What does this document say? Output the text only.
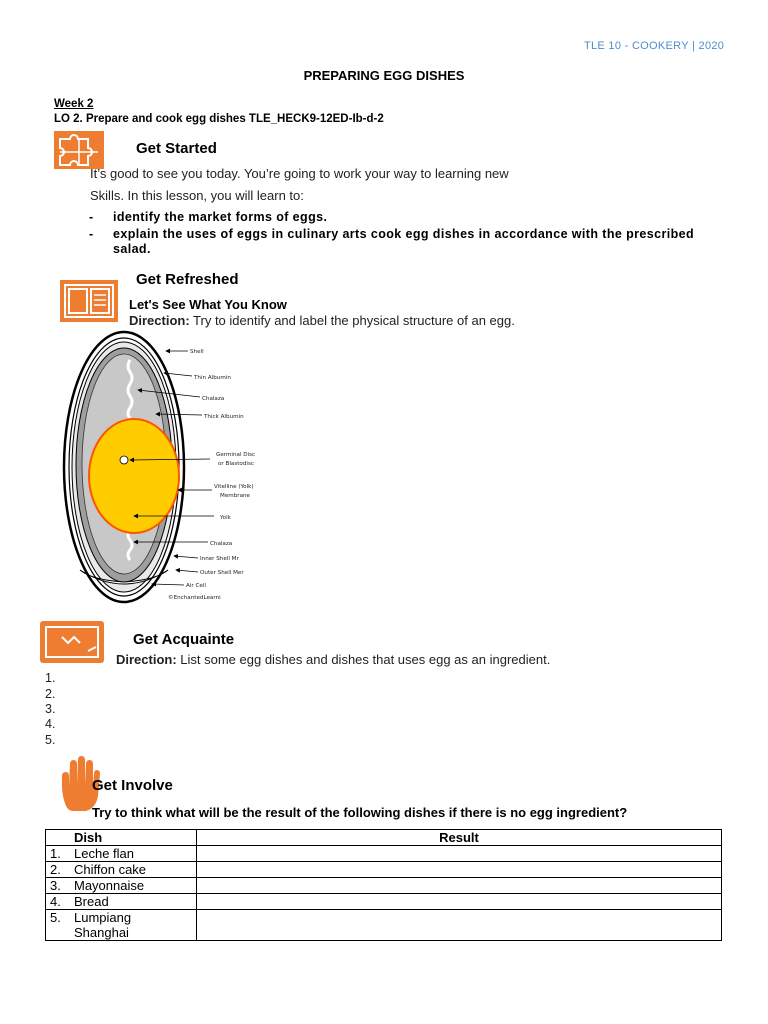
TLE 10 - COOKERY | 2020
PREPARING EGG DISHES
Week 2
LO 2. Prepare and cook egg dishes TLE_HECK9-12ED-Ib-d-2
Get Started
It’s good to see you today. You’re going to work your way to learning new
Skills. In this lesson, you will learn to:
- identify the market forms of eggs.
- explain the uses of eggs in culinary arts cook egg dishes in accordance with the prescribed salad.
Get Refreshed
Let's See What You Know
Direction: Try to identify and label the physical structure of an egg.
Shell
Thin Albumin
Chalaza
Thick Albumin
Germinal Disc
or Blastodisc
Vitelline (Yolk)
Membrane
Yolk
Chalaza
Inner Shell Mr
Outer Shell Mer
Air Cell
©EnchantedLearni
Get Acquainte
Direction: List some egg dishes and dishes that uses egg as an ingredient.
1.
2.
3.
4.
5.
Get Involve
Try to think what will be the result of the following dishes if there is no egg ingredient?
Dish	Result
1. Leche flan	
2. Chiffon cake	
3. Mayonnaise	
4. Bread	
5. Lumpiang Shanghai	
